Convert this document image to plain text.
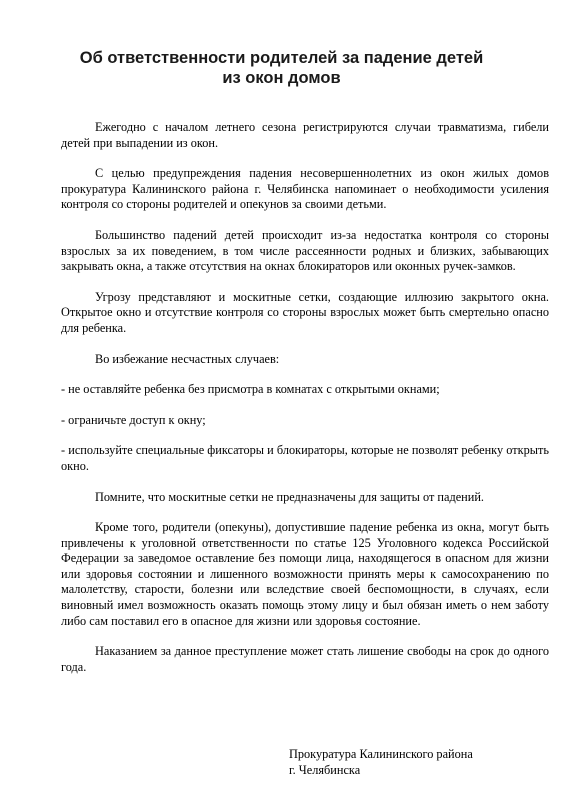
Об ответственности родителей за падение детей
из окон домов

Ежегодно с началом летнего сезона регистрируются случаи травматизма, гибели детей при выпадении из окон.

С целью предупреждения падения несовершеннолетних из окон жилых домов прокуратура Калининского района г. Челябинска напоминает о необходимости усиления контроля со стороны родителей и опекунов за своими детьми.

Большинство падений детей происходит из-за недостатка контроля со стороны взрослых за их поведением, в том числе рассеянности родных и близких, забывающих закрывать окна, а также отсутствия на окнах блокираторов или оконных ручек-замков.

Угрозу представляют и москитные сетки, создающие иллюзию закрытого окна. Открытое окно и отсутствие контроля со стороны взрослых может быть смертельно опасно для ребенка.

Во избежание несчастных случаев:

- не оставляйте ребенка без присмотра в комнатах с открытыми окнами;

- ограничьте доступ к окну;

- используйте специальные фиксаторы и блокираторы, которые не позволят ребенку открыть окно.

Помните, что москитные сетки не предназначены для защиты от падений.

Кроме того, родители (опекуны), допустившие падение ребенка из окна, могут быть привлечены к уголовной ответственности по статье 125 Уголовного кодекса Российской Федерации за заведомое оставление без помощи лица, находящегося в опасном для жизни или здоровья состоянии и лишенного возможности принять меры к самосохранению по малолетству, старости, болезни или вследствие своей беспомощности, в случаях, если виновный имел возможность оказать помощь этому лицу и был обязан иметь о нем заботу либо сам поставил его в опасное для жизни или здоровья состояние.

Наказанием за данное преступление может стать лишение свободы на срок до одного года.

Прокуратура Калининского района
г. Челябинска
